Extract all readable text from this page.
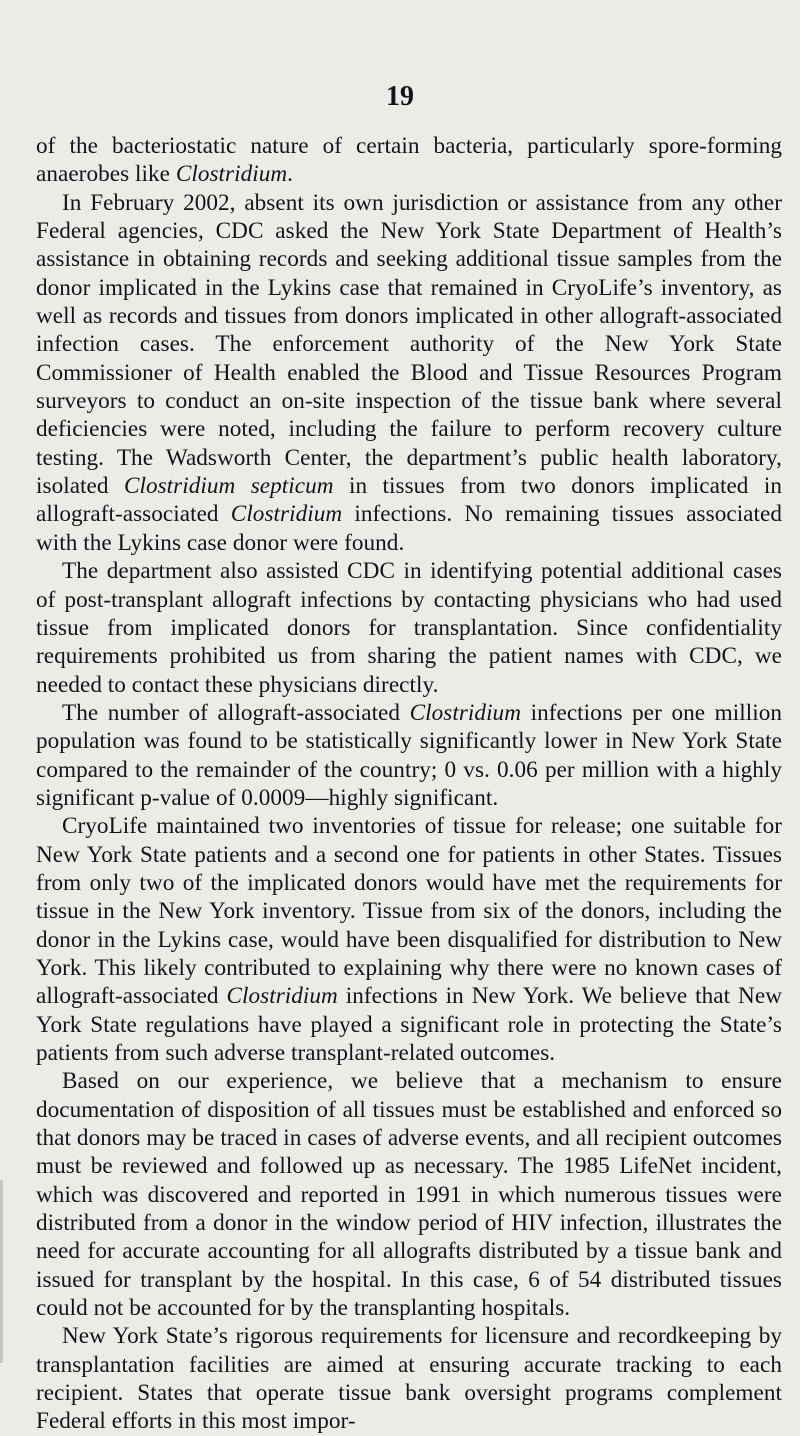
19

of the bacteriostatic nature of certain bacteria, particularly spore-forming anaerobes like Clostridium.

In February 2002, absent its own jurisdiction or assistance from any other Federal agencies, CDC asked the New York State Department of Health’s assistance in obtaining records and seeking additional tissue samples from the donor implicated in the Lykins case that remained in CryoLife’s inventory, as well as records and tissues from donors implicated in other allograft-associated infection cases. The enforcement authority of the New York State Commissioner of Health enabled the Blood and Tissue Resources Program surveyors to conduct an on-site inspection of the tissue bank where several deficiencies were noted, including the failure to perform recovery culture testing. The Wadsworth Center, the department’s public health laboratory, isolated Clostridium septicum in tissues from two donors implicated in allograft-associated Clostridium infections. No remaining tissues associated with the Lykins case donor were found.

The department also assisted CDC in identifying potential additional cases of post-transplant allograft infections by contacting physicians who had used tissue from implicated donors for transplantation. Since confidentiality requirements prohibited us from sharing the patient names with CDC, we needed to contact these physicians directly.

The number of allograft-associated Clostridium infections per one million population was found to be statistically significantly lower in New York State compared to the remainder of the country; 0 vs. 0.06 per million with a highly significant p-value of 0.0009—highly significant.

CryoLife maintained two inventories of tissue for release; one suitable for New York State patients and a second one for patients in other States. Tissues from only two of the implicated donors would have met the requirements for tissue in the New York inventory. Tissue from six of the donors, including the donor in the Lykins case, would have been disqualified for distribution to New York. This likely contributed to explaining why there were no known cases of allograft-associated Clostridium infections in New York. We believe that New York State regulations have played a significant role in protecting the State’s patients from such adverse transplant-related outcomes.

Based on our experience, we believe that a mechanism to ensure documentation of disposition of all tissues must be established and enforced so that donors may be traced in cases of adverse events, and all recipient outcomes must be reviewed and followed up as necessary. The 1985 LifeNet incident, which was discovered and reported in 1991 in which numerous tissues were distributed from a donor in the window period of HIV infection, illustrates the need for accurate accounting for all allografts distributed by a tissue bank and issued for transplant by the hospital. In this case, 6 of 54 distributed tissues could not be accounted for by the transplanting hospitals.

New York State’s rigorous requirements for licensure and recordkeeping by transplantation facilities are aimed at ensuring accurate tracking to each recipient. States that operate tissue bank oversight programs complement Federal efforts in this most impor-
